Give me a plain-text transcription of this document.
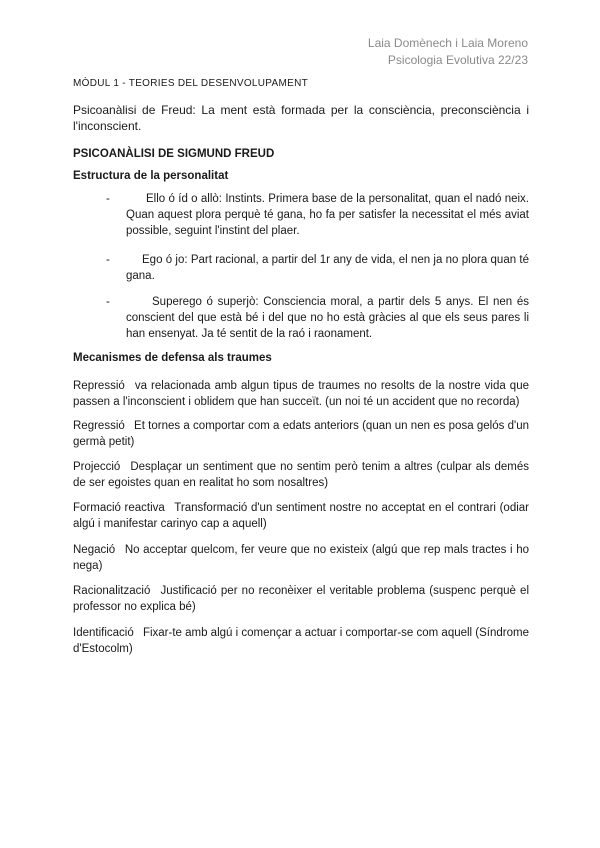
Laia Domènech i Laia Moreno
Psicologia Evolutiva 22/23
MÒDUL 1 - TEORIES DEL DESENVOLUPAMENT
Psicoanàlisi de Freud: La ment està formada per la consciència, preconsciència i l'inconscient.
PSICOANÀLISI DE SIGMUND FREUD
Estructura de la personalitat
-	Ello ó íd o allò: Instints. Primera base de la personalitat, quan el nadó neix. Quan aquest plora perquè té gana, ho fa per satisfer la necessitat el més aviat possible, seguint l'instint del plaer.
-	Ego ó jo: Part racional, a partir del 1r any de vida, el nen ja no plora quan té gana.
-	Superego ó superjò: Consciencia moral, a partir dels 5 anys. El nen és conscient del que està bé i del que no ho està gràcies al que els seus pares li han ensenyat. Ja té sentit de la raó i raonament.
Mecanismes de defensa als traumes
Repressió va relacionada amb algun tipus de traumes no resolts de la nostre vida que passen a l'inconscient i oblidem que han succeït. (un noi té un accident que no recorda)
Regressió Et tornes a comportar com a edats anteriors (quan un nen es posa gelós d'un germà petit)
Projecció Desplaçar un sentiment que no sentim però tenim a altres (culpar als demés de ser egoistes quan en realitat ho som nosaltres)
Formació reactiva Transformació d'un sentiment nostre no acceptat en el contrari (odiar algú i manifestar carinyo cap a aquell)
Negació No acceptar quelcom, fer veure que no existeix (algú que rep mals tractes i ho nega)
Racionalització Justificació per no reconèixer el veritable problema (suspenc perquè el professor no explica bé)
Identificació Fixar-te amb algú i començar a actuar i comportar-se com aquell (Síndrome d'Estocolm)
